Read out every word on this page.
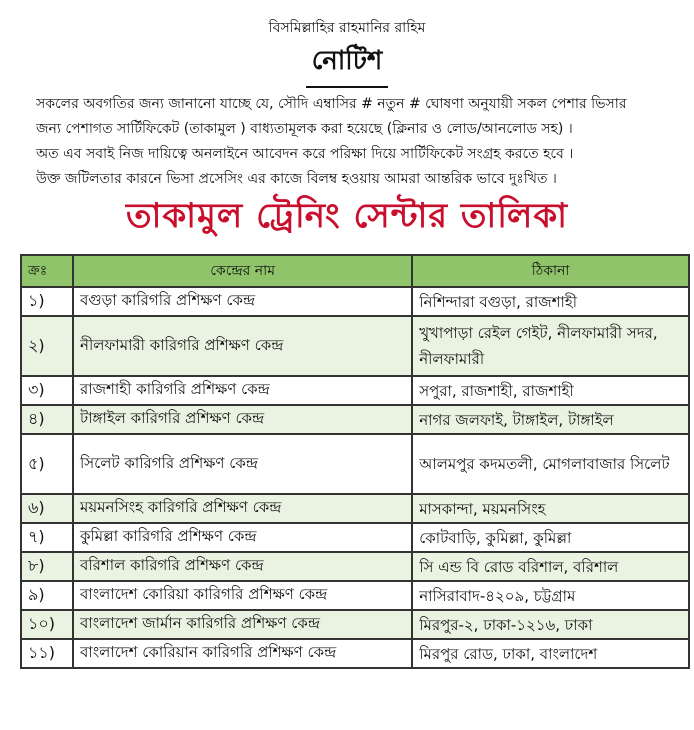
বিসমিল্লাহির রাহমানির রাহিম
নোটিশ
সকলের অবগতির জন্য জানানো যাচ্ছে যে, সৌদি এম্বাসির # নতুন # ঘোষণা অনুযায়ী সকল পেশার ভিসার
জন্য পেশাগত সার্টিফিকেট (তাকামুল ) বাধ্যতামূলক করা হয়েছে (ক্লিনার ও লোড/আনলোড সহ) ।
অত এব সবাই নিজ দায়িত্বে অনলাইনে আবেদন করে পরিক্ষা দিয়ে সার্টিফিকেট সংগ্রহ করতে হবে ।
উক্ত জটিলতার কারনে ভিসা প্রসেসিং এর কাজে বিলম্ব হওয়ায় আমরা আন্তরিক ভাবে দুঃখিত ।
তাকামুল ট্রেনিং সেন্টার তালিকা
ক্রঃ	কেন্দ্রের নাম	ঠিকানা
১)	বগুড়া কারিগরি প্রশিক্ষণ কেন্দ্র	নিশিন্দারা বগুড়া, রাজশাহী
২)	নীলফামারী কারিগরি প্রশিক্ষণ কেন্দ্র	খুখাপাড়া রেইল গেইট, নীলফামারী সদর, নীলফামারী
৩)	রাজশাহী কারিগরি প্রশিক্ষণ কেন্দ্র	সপুরা, রাজশাহী, রাজশাহী
৪)	টাঙ্গাইল কারিগরি প্রশিক্ষণ কেন্দ্র	নাগর জলফাই, টাঙ্গাইল, টাঙ্গাইল
৫)	সিলেট কারিগরি প্রশিক্ষণ কেন্দ্র	আলমপুর কদমতলী, মোগলাবাজার সিলেট
৬)	ময়মনসিংহ কারিগরি প্রশিক্ষণ কেন্দ্র	মাসকান্দা, ময়মনসিংহ
৭)	কুমিল্লা কারিগরি প্রশিক্ষণ কেন্দ্র	কোটবাড়ি, কুমিল্লা, কুমিল্লা
৮)	বরিশাল কারিগরি প্রশিক্ষণ কেন্দ্র	সি এন্ড বি রোড বরিশাল, বরিশাল
৯)	বাংলাদেশ কোরিয়া কারিগরি প্রশিক্ষণ কেন্দ্র	নাসিরাবাদ-৪২০৯, চট্টগ্রাম
১০)	বাংলাদেশ জার্মান কারিগরি প্রশিক্ষণ কেন্দ্র	মিরপুর-২, ঢাকা-১২১৬, ঢাকা
১১)	বাংলাদেশ কোরিয়ান কারিগরি প্রশিক্ষণ কেন্দ্র	মিরপুর রোড, ঢাকা, বাংলাদেশ
